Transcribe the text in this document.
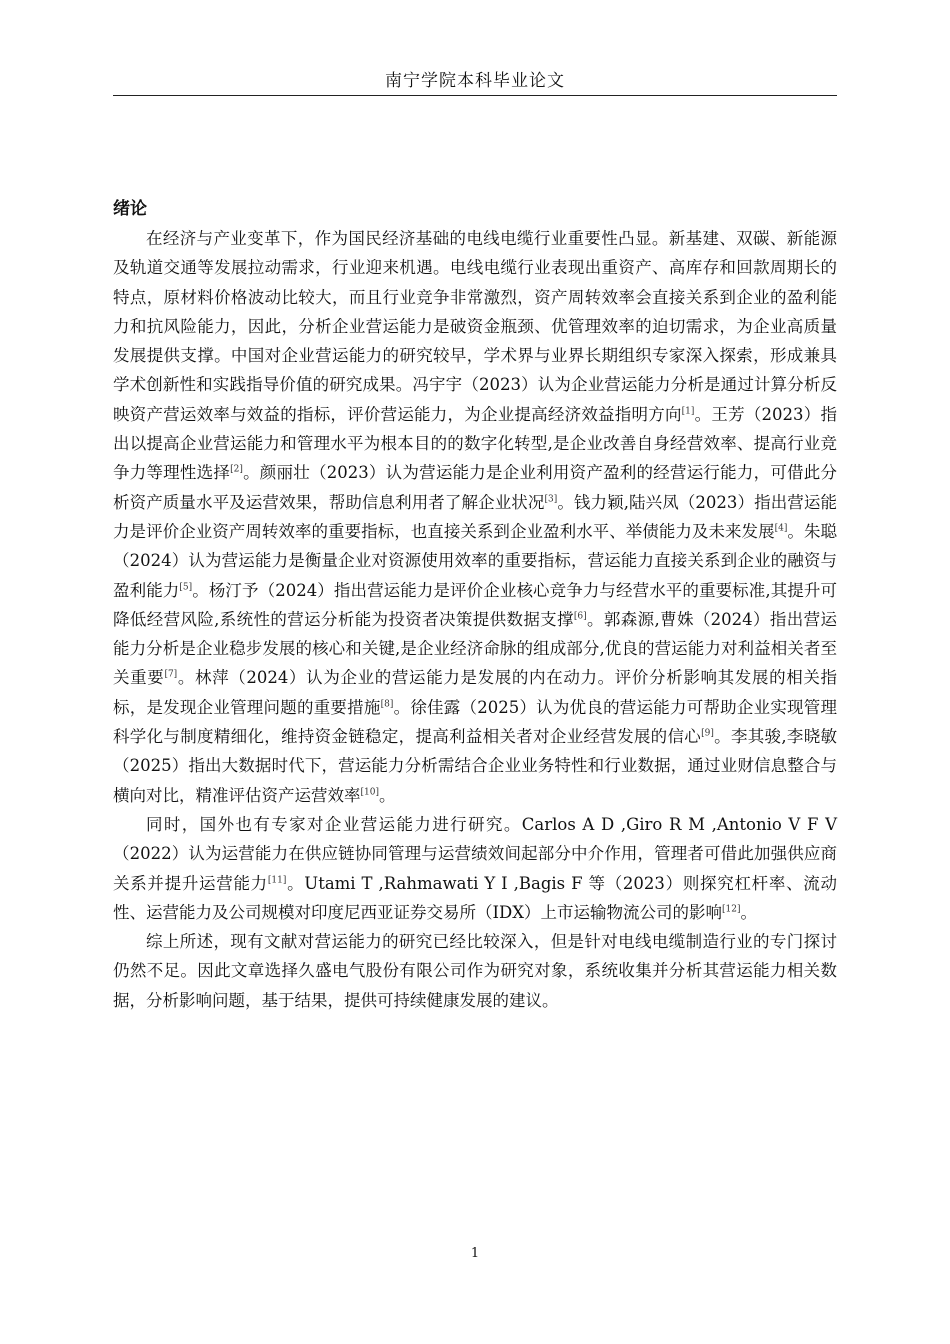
南宁学院本科毕业论文

绪论

在经济与产业变革下，作为国民经济基础的电线电缆行业重要性凸显。新基建、双碳、新能源及轨道交通等发展拉动需求，行业迎来机遇。电线电缆行业表现出重资产、高库存和回款周期长的特点，原材料价格波动比较大，而且行业竞争非常激烈，资产周转效率会直接关系到企业的盈利能力和抗风险能力，因此，分析企业营运能力是破资金瓶颈、优管理效率的迫切需求，为企业高质量发展提供支撑。中国对企业营运能力的研究较早，学术界与业界长期组织专家深入探索，形成兼具学术创新性和实践指导价值的研究成果。冯宇宇（2023）认为企业营运能力分析是通过计算分析反映资产营运效率与效益的指标，评价营运能力，为企业提高经济效益指明方向[1]。王芳（2023）指出以提高企业营运能力和管理水平为根本目的的数字化转型,是企业改善自身经营效率、提高行业竞争力等理性选择[2]。颜丽壮（2023）认为营运能力是企业利用资产盈利的经营运行能力，可借此分析资产质量水平及运营效果，帮助信息利用者了解企业状况[3]。钱力颖,陆兴凤（2023）指出营运能力是评价企业资产周转效率的重要指标，也直接关系到企业盈利水平、举债能力及未来发展[4]。朱聪（2024）认为营运能力是衡量企业对资源使用效率的重要指标，营运能力直接关系到企业的融资与盈利能力[5]。杨汀予（2024）指出营运能力是评价企业核心竞争力与经营水平的重要标准,其提升可降低经营风险,系统性的营运分析能为投资者决策提供数据支撑[6]。郭森源,曹姝（2024）指出营运能力分析是企业稳步发展的核心和关键,是企业经济命脉的组成部分,优良的营运能力对利益相关者至关重要[7]。林萍（2024）认为企业的营运能力是发展的内在动力。评价分析影响其发展的相关指标，是发现企业管理问题的重要措施[8]。徐佳露（2025）认为优良的营运能力可帮助企业实现管理科学化与制度精细化，维持资金链稳定，提高利益相关者对企业经营发展的信心[9]。李其骏,李晓敏（2025）指出大数据时代下，营运能力分析需结合企业业务特性和行业数据，通过业财信息整合与横向对比，精准评估资产运营效率[10]。

同时，国外也有专家对企业营运能力进行研究。Carlos A D ,Giro R M ,Antonio V F V（2022）认为运营能力在供应链协同管理与运营绩效间起部分中介作用，管理者可借此加强供应商关系并提升运营能力[11]。Utami T ,Rahmawati Y I ,Bagis F 等（2023）则探究杠杆率、流动性、运营能力及公司规模对印度尼西亚证券交易所（IDX）上市运输物流公司的影响[12]。

综上所述，现有文献对营运能力的研究已经比较深入，但是针对电线电缆制造行业的专门探讨仍然不足。因此文章选择久盛电气股份有限公司作为研究对象，系统收集并分析其营运能力相关数据，分析影响问题，基于结果，提供可持续健康发展的建议。

1
